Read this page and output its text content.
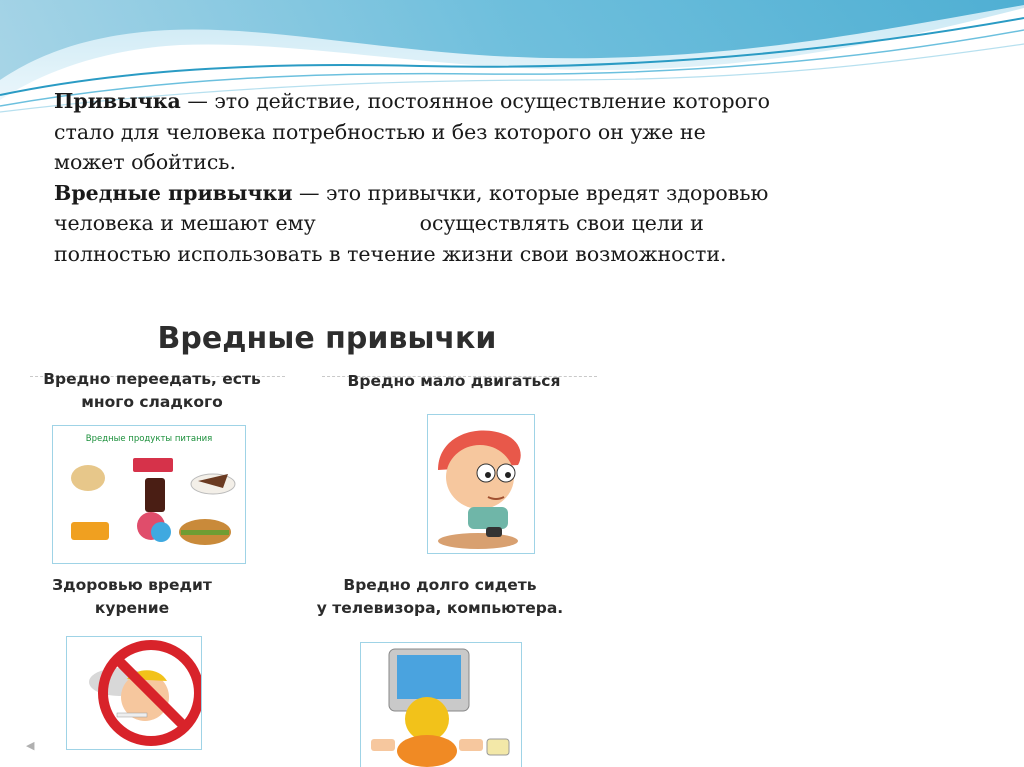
Привычка — это действие, постоянное осуществление которого стало для человека потребностью и без которого он уже не может обойтись.

Вредные привычки — это привычки, которые вредят здоровью человека и мешают ему	осуществлять свои цели и полностью использовать в течение жизни свои возможности.

Вредные привычки
Вредно переедать, есть
много сладкого
Вредные продукты питания
Вредно мало двигаться
Здоровью вредит
курение
Вредно долго сидеть
у телевизора, компьютера.
◀
